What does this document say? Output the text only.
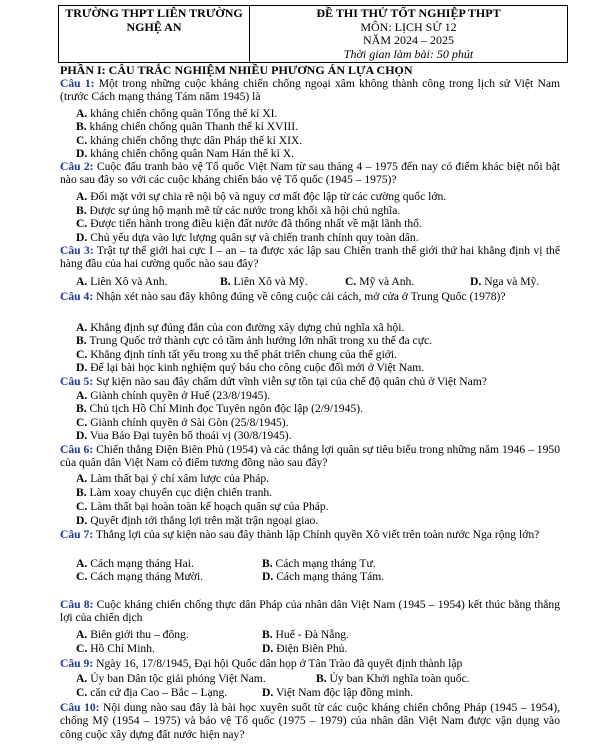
TRƯỜNG THPT LIÊN TRƯỜNG
NGHỆ AN

ĐỀ THI THỬ TỐT NGHIỆP THPT
MÔN: LỊCH SỬ 12
NĂM 2024 – 2025
Thời gian làm bài: 50 phút
PHẦN I: CÂU TRẮC NGHIỆM NHIỀU PHƯƠNG ÁN LỰA CHỌN
Câu 1: Một trong những cuộc kháng chiến chống ngoại xâm không thành công trong lịch sử Việt Nam (trước Cách mạng tháng Tám năm 1945) là
A. kháng chiến chống quân Tống thế kỉ XI.
B. kháng chiến chống quân Thanh thế kỉ XVIII.
C. kháng chiến chống thực dân Pháp thế kỉ XIX.
D. kháng chiến chống quân Nam Hán thế kỉ X.
Câu 2: Cuộc đấu tranh bảo vệ Tổ quốc Việt Nam từ sau tháng 4 – 1975 đến nay có điểm khác biệt nổi bật nào sau đây so với các cuộc kháng chiến bảo vệ Tổ quốc (1945 – 1975)?
A. Đối mặt với sự chia rẽ nội bộ và nguy cơ mất độc lập từ các cường quốc lớn.
B. Được sự ủng hộ mạnh mẽ từ các nước trong khối xã hội chủ nghĩa.
C. Được tiến hành trong điều kiện đất nước đã thống nhất về mặt lãnh thổ.
D. Chủ yếu dựa vào lực lượng quân sự và chiến tranh chính quy toàn dân.
Câu 3: Trật tự thế giới hai cực I – an – ta được xác lập sau Chiến tranh thế giới thứ hai khẳng định vị thế hàng đầu của hai cường quốc nào sau đây?
A. Liên Xô và Anh.	B. Liên Xô và Mỹ.	C. Mỹ và Anh.	D. Nga và Mỹ.
Câu 4: Nhận xét nào sau đây không đúng về công cuộc cải cách, mở cửa ở Trung Quốc (1978)?
A. Khẳng định sự đúng đắn của con đường xây dựng chủ nghĩa xã hội.
B. Trung Quốc trở thành cực có tầm ảnh hưởng lớn nhất trong xu thế đa cực.
C. Khẳng định tính tất yếu trong xu thế phát triển chung của thế giới.
D. Để lại bài học kinh nghiệm quý báu cho công cuộc đổi mới ở Việt Nam.
Câu 5: Sự kiện nào sau đây chấm dứt vĩnh viễn sự tồn tại của chế độ quân chủ ở Việt Nam?
A. Giành chính quyền ở Huế (23/8/1945).
B. Chủ tịch Hồ Chí Minh đọc Tuyên ngôn độc lập (2/9/1945).
C. Giành chính quyền ở Sài Gòn (25/8/1945).
D. Vua Bảo Đại tuyên bố thoái vị (30/8/1945).
Câu 6: Chiến thắng Điện Biên Phủ (1954) và các thắng lợi quân sự tiêu biểu trong những năm 1946 – 1950 của quân dân Việt Nam có điểm tương đồng nào sau đây?
A. Làm thất bại ý chí xâm lược của Pháp.
B. Làm xoay chuyển cục diện chiến tranh.
C. Làm thất bại hoàn toàn kế hoạch quân sự của Pháp.
D. Quyết định tới thắng lợi trên mặt trận ngoại giao.
Câu 7: Thắng lợi của sự kiện nào sau đây thành lập Chính quyền Xô viết trên toàn nước Nga rộng lớn?
A. Cách mạng tháng Hai.	B. Cách mạng tháng Tư.
C. Cách mạng tháng Mười.	D. Cách mạng tháng Tám.
Câu 8: Cuộc kháng chiến chống thực dân Pháp của nhân dân Việt Nam (1945 – 1954) kết thúc bằng thắng lợi của chiến dịch
A. Biên giới thu – đông.	B. Huế - Đà Nẵng.
C. Hồ Chí Minh.	D. Điện Biên Phủ.
Câu 9: Ngày 16, 17/8/1945, Đại hội Quốc dân họp ở Tân Trào đã quyết định thành lập
A. Ủy ban Dân tộc giải phóng Việt Nam.	B. Ủy ban Khởi nghĩa toàn quốc.
C. căn cứ địa Cao – Bắc – Lạng.	D. Việt Nam độc lập đồng minh.
Câu 10: Nội dung nào sau đây là bài học xuyên suốt từ các cuộc kháng chiến chống Pháp (1945 – 1954), chống Mỹ (1954 – 1975) và bảo vệ Tổ quốc (1975 – 1979) của nhân dân Việt Nam được vận dụng vào công cuộc xây dựng đất nước hiện nay?
